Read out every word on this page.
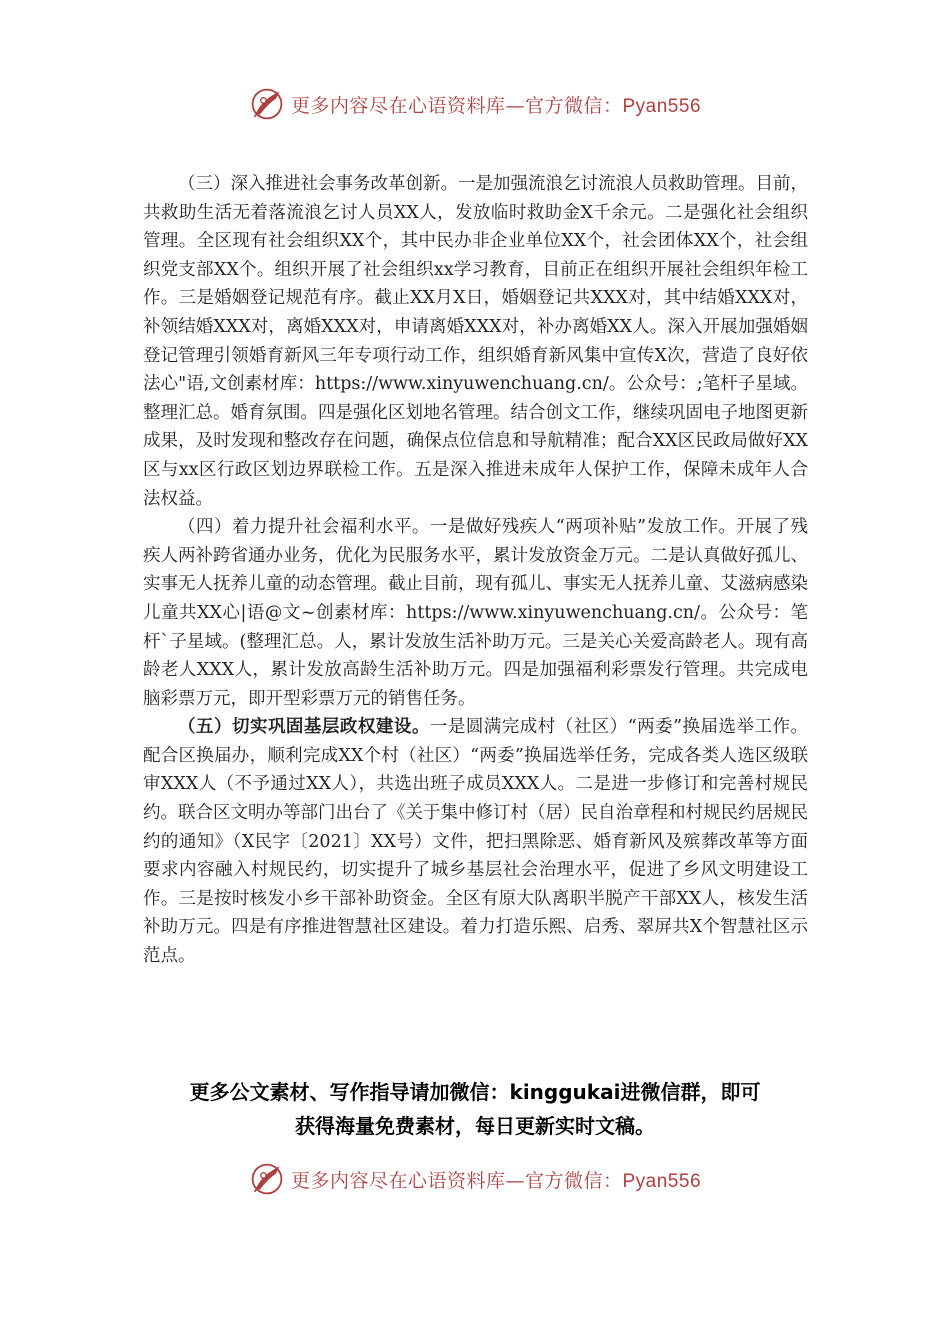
更多内容尽在心语资料库—官方微信：Pyan556

（三）深入推进社会事务改革创新。一是加强流浪乞讨流浪人员救助管理。目前，共救助生活无着落流浪乞讨人员XX人，发放临时救助金X千余元。二是强化社会组织管理。全区现有社会组织XX个，其中民办非企业单位XX个，社会团体XX个，社会组织党支部XX个。组织开展了社会组织xx学习教育，目前正在组织开展社会组织年检工作。三是婚姻登记规范有序。截止XX月X日，婚姻登记共XXX对，其中结婚XXX对，补领结婚XXX对，离婚XXX对，申请离婚XXX对，补办离婚XX人。深入开展加强婚姻登记管理引领婚育新风三年专项行动工作，组织婚育新风集中宣传X次，营造了良好依法心"语,文创素材库：https://www.xinyuwenchuang.cn/。公众号：;笔杆子星域。整理汇总。婚育氛围。四是强化区划地名管理。结合创文工作，继续巩固电子地图更新成果，及时发现和整改存在问题，确保点位信息和导航精准；配合XX区民政局做好XX区与xx区行政区划边界联检工作。五是深入推进未成年人保护工作，保障未成年人合法权益。

（四）着力提升社会福利水平。一是做好残疾人“两项补贴”发放工作。开展了残疾人两补跨省通办业务，优化为民服务水平，累计发放资金万元。二是认真做好孤儿、实事无人抚养儿童的动态管理。截止目前，现有孤儿、事实无人抚养儿童、艾滋病感染儿童共XX心|语@文~创素材库：https://www.xinyuwenchuang.cn/。公众号：笔杆`子星域。(整理汇总。人，累计发放生活补助万元。三是关心关爱高龄老人。现有高龄老人XXX人，累计发放高龄生活补助万元。四是加强福利彩票发行管理。共完成电脑彩票万元，即开型彩票万元的销售任务。

（五）切实巩固基层政权建设。一是圆满完成村（社区）“两委”换届选举工作。配合区换届办，顺利完成XX个村（社区）“两委”换届选举任务，完成各类人选区级联审XXX人（不予通过XX人），共选出班子成员XXX人。二是进一步修订和完善村规民约。联合区文明办等部门出台了《关于集中修订村（居）民自治章程和村规民约居规民约的通知》（X民字〔2021〕XX号）文件，把扫黑除恶、婚育新风及殡葬改革等方面要求内容融入村规民约，切实提升了城乡基层社会治理水平，促进了乡风文明建设工作。三是按时核发小乡干部补助资金。全区有原大队离职半脱产干部XX人，核发生活补助万元。四是有序推进智慧社区建设。着力打造乐熙、启秀、翠屏共X个智慧社区示范点。

更多公文素材、写作指导请加微信：kinggukai进微信群，即可
获得海量免费素材，每日更新实时文稿。
更多内容尽在心语资料库—官方微信：Pyan556
